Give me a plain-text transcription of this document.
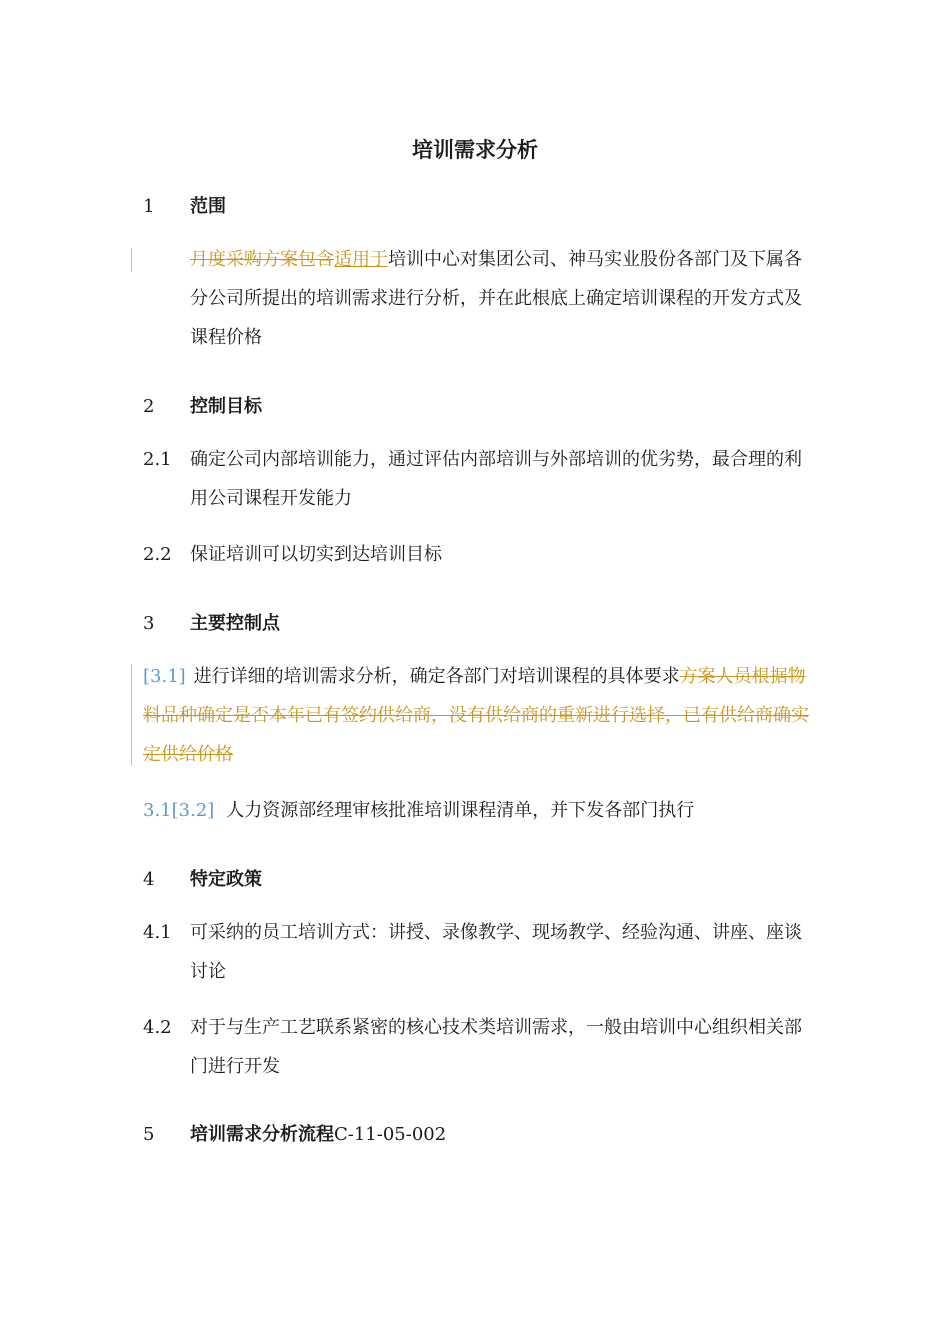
培训需求分析
1 范围
月度采购方案包含适用于培训中心对集团公司、神马实业股份各部门及下属各分公司所提出的培训需求进行分析，并在此根底上确定培训课程的开发方式及课程价格
2 控制目标
2.1 确定公司内部培训能力，通过评估内部培训与外部培训的优劣势，最合理的利用公司课程开发能力
2.2 保证培训可以切实到达培训目标
3 主要控制点
[3.1] 进行详细的培训需求分析，确定各部门对培训课程的具体要求方案人员根据物料品种确定是否本年已有签约供给商，没有供给商的重新进行选择，已有供给商确实定供给价格
3.1[3.2] 人力资源部经理审核批准培训课程清单，并下发各部门执行
4 特定政策
4.1 可采纳的员工培训方式：讲授、录像教学、现场教学、经验沟通、讲座、座谈讨论
4.2 对于与生产工艺联系紧密的核心技术类培训需求，一般由培训中心组织相关部门进行开发
5 培训需求分析流程C-11-05-002
